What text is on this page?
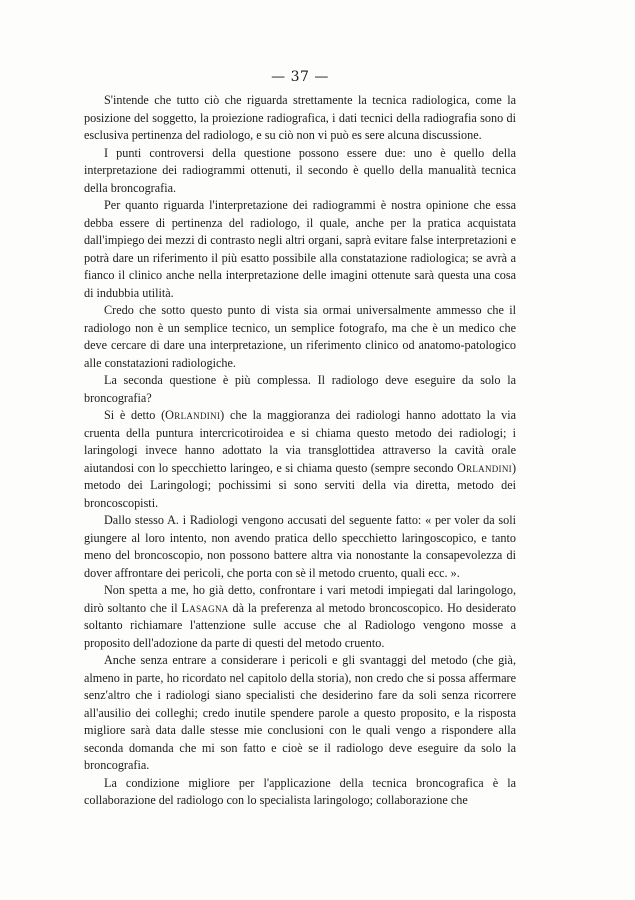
— 37 —

S'intende che tutto ciò che riguarda strettamente la tecnica radiologica, come la posizione del soggetto, la proiezione radiografica, i dati tecnici della radiografia sono di esclusiva pertinenza del radiologo, e su ciò non vi può es sere alcuna discussione.

I punti controversi della questione possono essere due: uno è quello della interpretazione dei radiogrammi ottenuti, il secondo è quello della manualità tecnica della broncografia.

Per quanto riguarda l'interpretazione dei radiogrammi è nostra opinione che essa debba essere di pertinenza del radiologo, il quale, anche per la pratica acquistata dall'impiego dei mezzi di contrasto negli altri organi, saprà evitare false interpretazioni e potrà dare un riferimento il più esatto possibile alla constatazione radiologica; se avrà a fianco il clinico anche nella interpretazione delle imagini ottenute sarà questa una cosa di indubbia utilità.

Credo che sotto questo punto di vista sia ormai universalmente ammesso che il radiologo non è un semplice tecnico, un semplice fotografo, ma che è un medico che deve cercare di dare una interpretazione, un riferimento clinico od anatomo-patologico alle constatazioni radiologiche.

La seconda questione è più complessa. Il radiologo deve eseguire da solo la broncografia?

Si è detto (Orlandini) che la maggioranza dei radiologi hanno adottato la via cruenta della puntura intercricotiroidea e si chiama questo metodo dei radiologi; i laringologi invece hanno adottato la via transglottidea attraverso la cavità orale aiutandosi con lo specchietto laringeo, e si chiama questo (sempre secondo Orlandini) metodo dei Laringologi; pochissimi si sono serviti della via diretta, metodo dei broncoscopisti.

Dallo stesso A. i Radiologi vengono accusati del seguente fatto: « per voler da soli giungere al loro intento, non avendo pratica dello specchietto laringoscopico, e tanto meno del broncoscopio, non possono battere altra via nonostante la consapevolezza di dover affrontare dei pericoli, che porta con sè il metodo cruento, quali ecc. ».

Non spetta a me, ho già detto, confrontare i vari metodi impiegati dal laringologo, dirò soltanto che il Lasagna dà la preferenza al metodo broncoscopico. Ho desiderato soltanto richiamare l'attenzione sulle accuse che al Radiologo vengono mosse a proposito dell'adozione da parte di questi del metodo cruento.

Anche senza entrare a considerare i pericoli e gli svantaggi del metodo (che già, almeno in parte, ho ricordato nel capitolo della storia), non credo che si possa affermare senz'altro che i radiologi siano specialisti che desiderino fare da soli senza ricorrere all'ausilio dei colleghi; credo inutile spendere parole a questo proposito, e la risposta migliore sarà data dalle stesse mie conclusioni con le quali vengo a rispondere alla seconda domanda che mi son fatto e cioè se il radiologo deve eseguire da solo la broncografia.

La condizione migliore per l'applicazione della tecnica broncografica è la collaborazione del radiologo con lo specialista laringologo; collaborazione che
